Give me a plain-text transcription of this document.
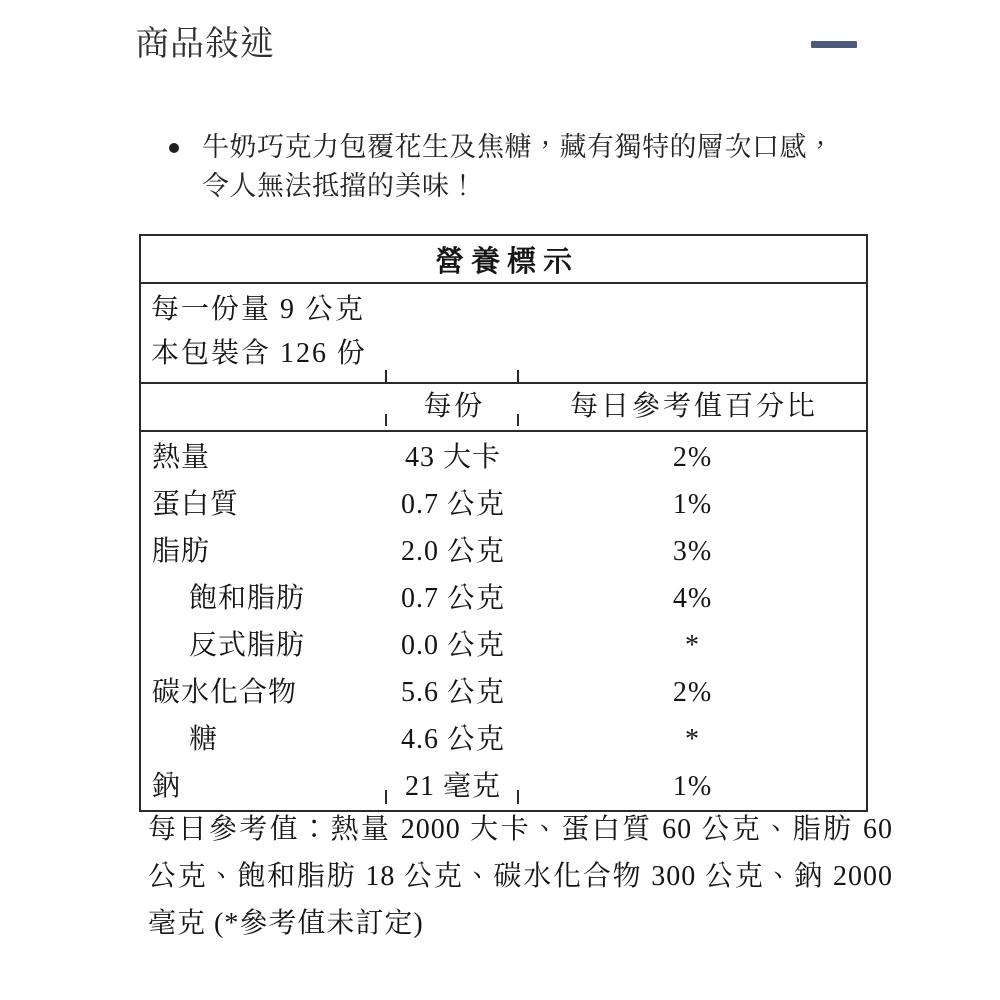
商品敍述
牛奶巧克力包覆花生及焦糖，藏有獨特的層次口感，令人無法抵擋的美味！
營養標示
每一份量 9 公克
本包裝含 126 份
	每份	每日參考值百分比
熱量	43 大卡	2%
蛋白質	0.7 公克	1%
脂肪	2.0 公克	3%
飽和脂肪	0.7 公克	4%
反式脂肪	0.0 公克	*
碳水化合物	5.6 公克	2%
糖	4.6 公克	*
鈉	21 毫克	1%
每日參考值：熱量 2000 大卡、蛋白質 60 公克、脂肪 60 公克、飽和脂肪 18 公克、碳水化合物 300 公克、鈉 2000 毫克 (*參考值未訂定)
